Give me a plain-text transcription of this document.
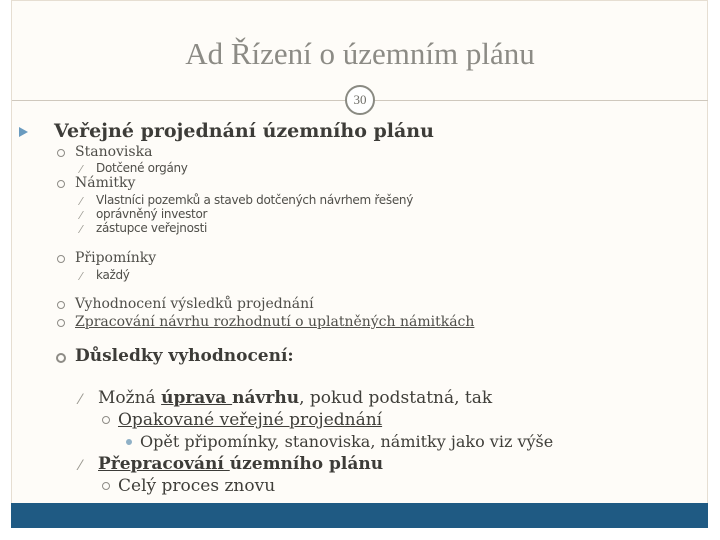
Ad Řízení o územním plánu
30
Veřejné projednání územního plánu
Stanoviska
⁄ Dotčené orgány
Námitky
⁄ Vlastníci pozemků a staveb dotčených návrhem řešený
⁄ oprávněný investor
⁄ zástupce veřejnosti
Připomínky
⁄ každý
Vyhodnocení výsledků projednání
Zpracování návrhu rozhodnutí o uplatněných námitkách
Důsledky vyhodnocení:
⁄ Možná úprava návrhu, pokud podstatná, tak
Opakované veřejné projednání
Opět připomínky, stanoviska, námitky jako viz výše
⁄ Přepracování územního plánu
Celý proces znovu
